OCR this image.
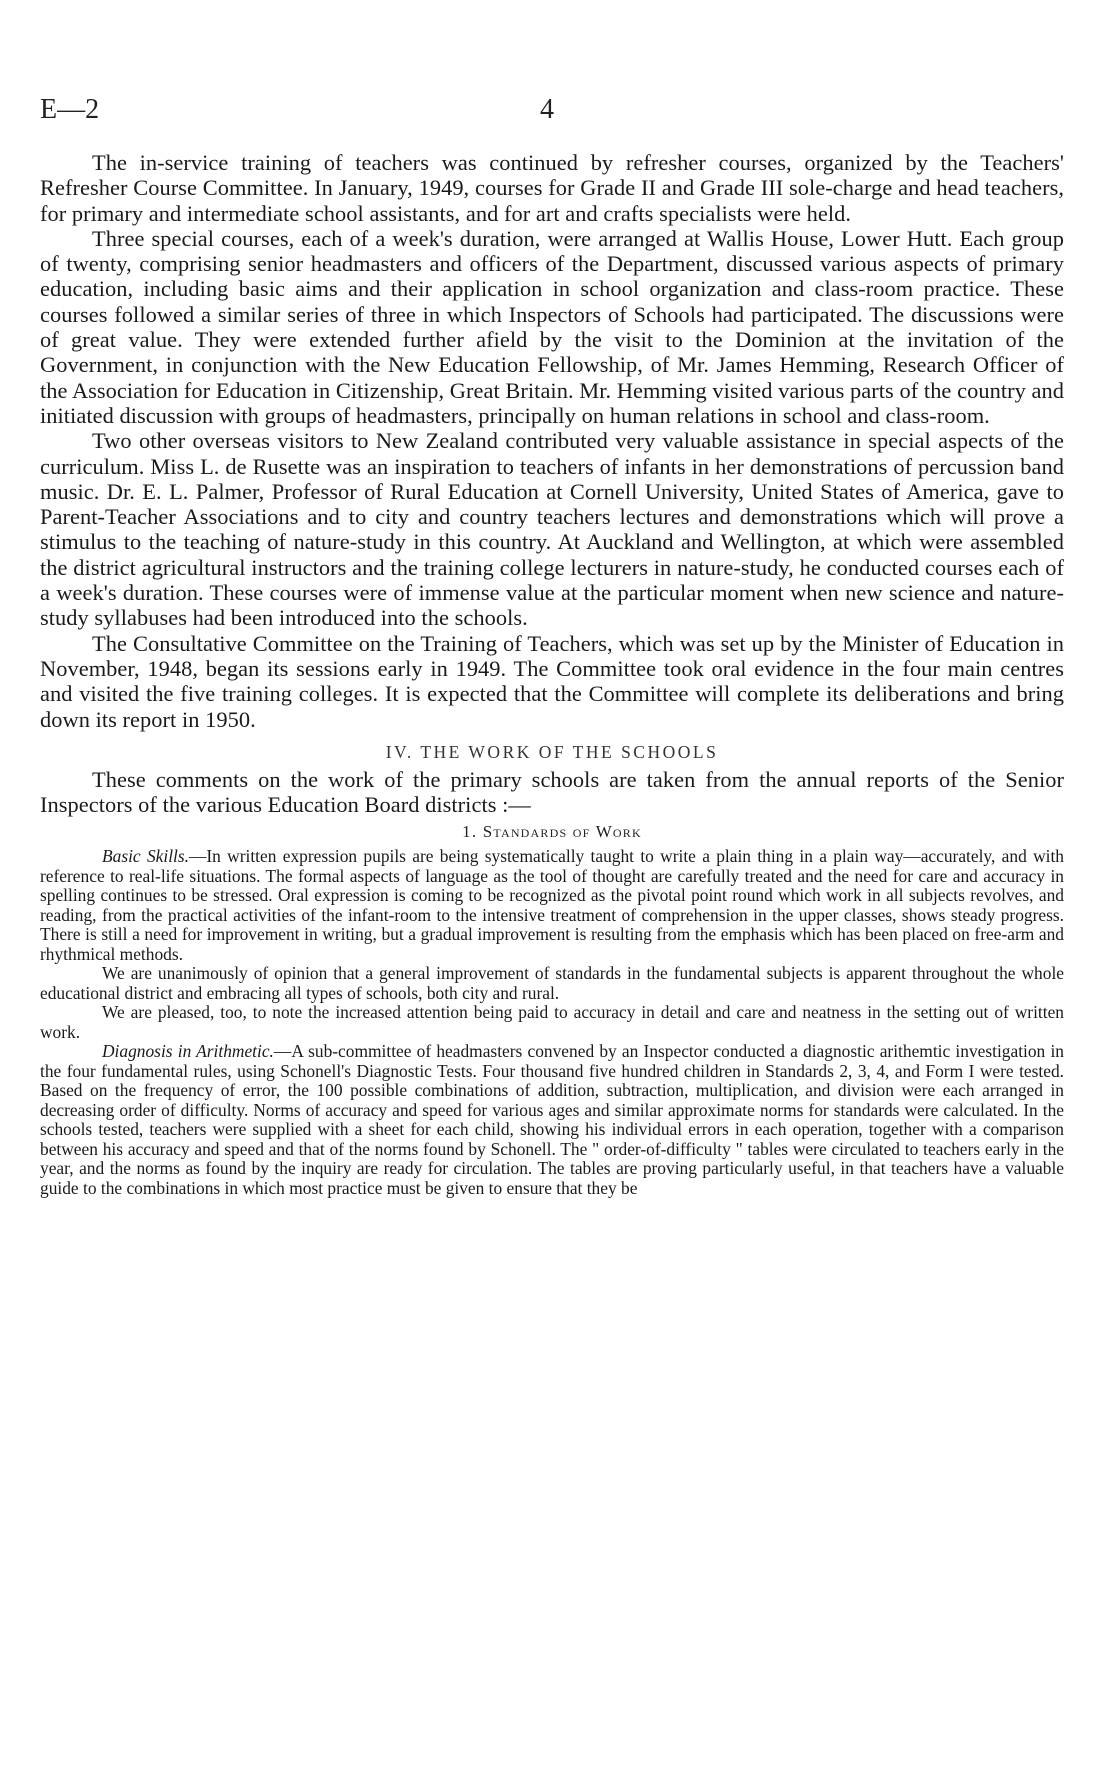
E—2	4

The in-service training of teachers was continued by refresher courses, organized by the Teachers' Refresher Course Committee. In January, 1949, courses for Grade II and Grade III sole-charge and head teachers, for primary and intermediate school assistants, and for art and crafts specialists were held.

Three special courses, each of a week's duration, were arranged at Wallis House, Lower Hutt. Each group of twenty, comprising senior headmasters and officers of the Department, discussed various aspects of primary education, including basic aims and their application in school organization and class-room practice. These courses followed a similar series of three in which Inspectors of Schools had participated. The discussions were of great value. They were extended further afield by the visit to the Dominion at the invitation of the Government, in conjunction with the New Education Fellowship, of Mr. James Hemming, Research Officer of the Association for Education in Citizenship, Great Britain. Mr. Hemming visited various parts of the country and initiated discussion with groups of headmasters, principally on human relations in school and class-room.

Two other overseas visitors to New Zealand contributed very valuable assistance in special aspects of the curriculum. Miss L. de Rusette was an inspiration to teachers of infants in her demonstrations of percussion band music. Dr. E. L. Palmer, Professor of Rural Education at Cornell University, United States of America, gave to Parent-Teacher Associations and to city and country teachers lectures and demonstrations which will prove a stimulus to the teaching of nature-study in this country. At Auckland and Wellington, at which were assembled the district agricultural instructors and the training college lecturers in nature-study, he conducted courses each of a week's duration. These courses were of immense value at the particular moment when new science and nature-study syllabuses had been introduced into the schools.

The Consultative Committee on the Training of Teachers, which was set up by the Minister of Education in November, 1948, began its sessions early in 1949. The Committee took oral evidence in the four main centres and visited the five training colleges. It is expected that the Committee will complete its deliberations and bring down its report in 1950.

IV. THE WORK OF THE SCHOOLS

These comments on the work of the primary schools are taken from the annual reports of the Senior Inspectors of the various Education Board districts :—

1. Standards of Work

Basic Skills.—In written expression pupils are being systematically taught to write a plain thing in a plain way—accurately, and with reference to real-life situations. The formal aspects of language as the tool of thought are carefully treated and the need for care and accuracy in spelling continues to be stressed. Oral expression is coming to be recognized as the pivotal point round which work in all subjects revolves, and reading, from the practical activities of the infant-room to the intensive treatment of comprehension in the upper classes, shows steady progress. There is still a need for improvement in writing, but a gradual improvement is resulting from the emphasis which has been placed on free-arm and rhythmical methods.

We are unanimously of opinion that a general improvement of standards in the fundamental subjects is apparent throughout the whole educational district and embracing all types of schools, both city and rural.

We are pleased, too, to note the increased attention being paid to accuracy in detail and care and neatness in the setting out of written work.

Diagnosis in Arithmetic.—A sub-committee of headmasters convened by an Inspector conducted a diagnostic arithemtic investigation in the four fundamental rules, using Schonell's Diagnostic Tests. Four thousand five hundred children in Standards 2, 3, 4, and Form I were tested. Based on the frequency of error, the 100 possible combinations of addition, subtraction, multiplication, and division were each arranged in decreasing order of difficulty. Norms of accuracy and speed for various ages and similar approximate norms for standards were calculated. In the schools tested, teachers were supplied with a sheet for each child, showing his individual errors in each operation, together with a comparison between his accuracy and speed and that of the norms found by Schonell. The " order-of-difficulty " tables were circulated to teachers early in the year, and the norms as found by the inquiry are ready for circulation. The tables are proving particularly useful, in that teachers have a valuable guide to the combinations in which most practice must be given to ensure that they be
